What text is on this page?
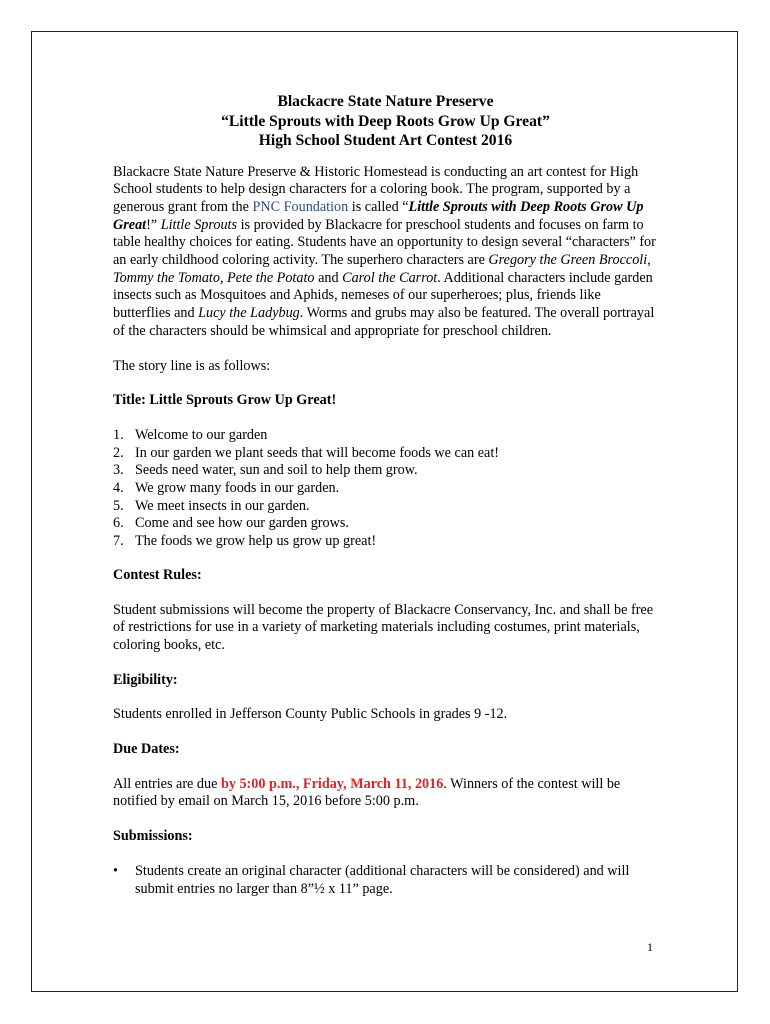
Blackacre State Nature Preserve
“Little Sprouts with Deep Roots Grow Up Great”
High School Student Art Contest 2016

Blackacre State Nature Preserve & Historic Homestead is conducting an art contest for High School students to help design characters for a coloring book. The program, supported by a generous grant from the PNC Foundation is called “Little Sprouts with Deep Roots Grow Up Great!” Little Sprouts is provided by Blackacre for preschool students and focuses on farm to table healthy choices for eating. Students have an opportunity to design several “characters” for an early childhood coloring activity. The superhero characters are Gregory the Green Broccoli, Tommy the Tomato, Pete the Potato and Carol the Carrot. Additional characters include garden insects such as Mosquitoes and Aphids, nemeses of our superheroes; plus, friends like butterflies and Lucy the Ladybug. Worms and grubs may also be featured. The overall portrayal of the characters should be whimsical and appropriate for preschool children.

The story line is as follows:

Title: Little Sprouts Grow Up Great!

1. Welcome to our garden
2. In our garden we plant seeds that will become foods we can eat!
3. Seeds need water, sun and soil to help them grow.
4. We grow many foods in our garden.
5. We meet insects in our garden.
6. Come and see how our garden grows.
7. The foods we grow help us grow up great!

Contest Rules:

Student submissions will become the property of Blackacre Conservancy, Inc. and shall be free of restrictions for use in a variety of marketing materials including costumes, print materials, coloring books, etc.

Eligibility:

Students enrolled in Jefferson County Public Schools in grades 9 -12.

Due Dates:

All entries are due by 5:00 p.m., Friday, March 11, 2016. Winners of the contest will be notified by email on March 15, 2016 before 5:00 p.m.

Submissions:

•	Students create an original character (additional characters will be considered) and will submit entries no larger than 8”½ x 11” page.
1
